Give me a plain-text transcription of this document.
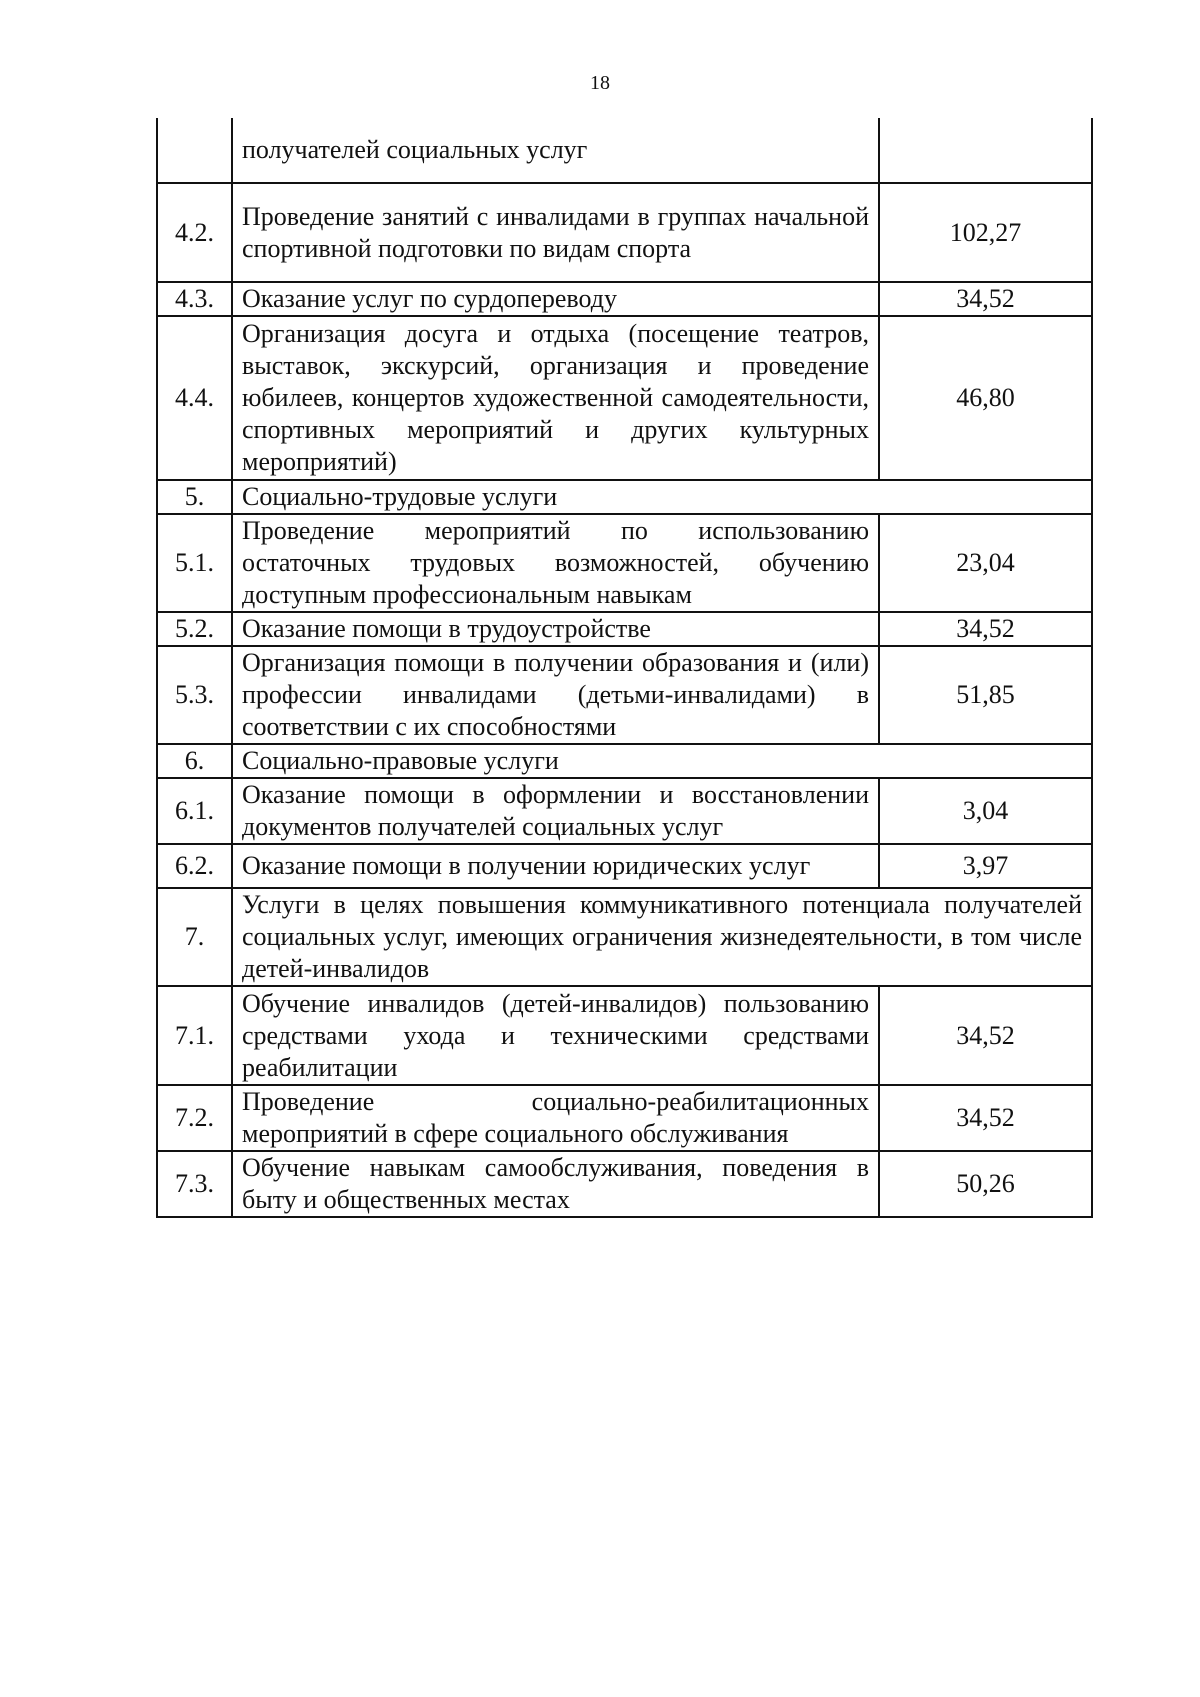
18
	получателей социальных услуг	
4.2.	Проведение занятий с инвалидами в группах начальной спортивной подготовки по видам спорта	102,27
4.3.	Оказание услуг по сурдопереводу	34,52
4.4.	Организация досуга и отдыха (посещение театров, выставок, экскурсий, организация и проведение юбилеев, концертов художественной самодеятельности, спортивных мероприятий и других культурных мероприятий)	46,80
5.	Социально-трудовые услуги	
5.1.	Проведение мероприятий по использованию остаточных трудовых возможностей, обучению доступным профессиональным навыкам	23,04
5.2.	Оказание помощи в трудоустройстве	34,52
5.3.	Организация помощи в получении образования и (или) профессии инвалидами (детьми-инвалидами) в соответствии с их способностями	51,85
6.	Социально-правовые услуги	
6.1.	Оказание помощи в оформлении и восстановлении документов получателей социальных услуг	3,04
6.2.	Оказание помощи в получении юридических услуг	3,97
7.	Услуги в целях повышения коммуникативного потенциала получателей социальных услуг, имеющих ограничения жизнедеятельности, в том числе детей-инвалидов	
7.1.	Обучение инвалидов (детей-инвалидов) пользованию средствами ухода и техническими средствами реабилитации	34,52
7.2.	Проведение социально-реабилитационных мероприятий в сфере социального обслуживания	34,52
7.3.	Обучение навыкам самообслуживания, поведения в быту и общественных местах	50,26
